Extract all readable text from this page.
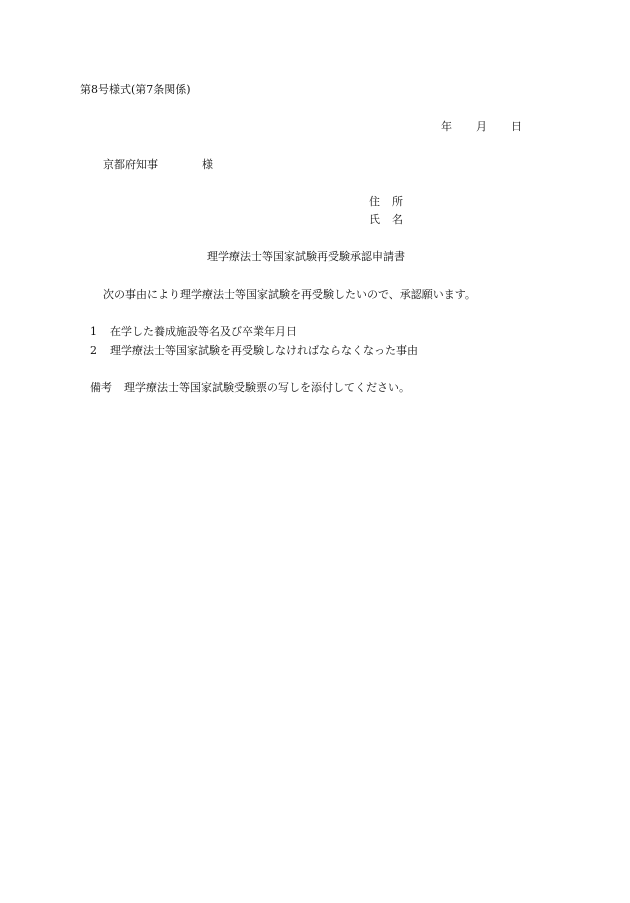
第8号様式(第7条関係)
年 月 日
京都府知事	様
住 所
氏 名
理学療法士等国家試験再受験承認申請書
次の事由により理学療法士等国家試験を再受験したいので、承認願います。
1 在学した養成施設等名及び卒業年月日
2 理学療法士等国家試験を再受験しなければならなくなった事由
備考 理学療法士等国家試験受験票の写しを添付してください。
